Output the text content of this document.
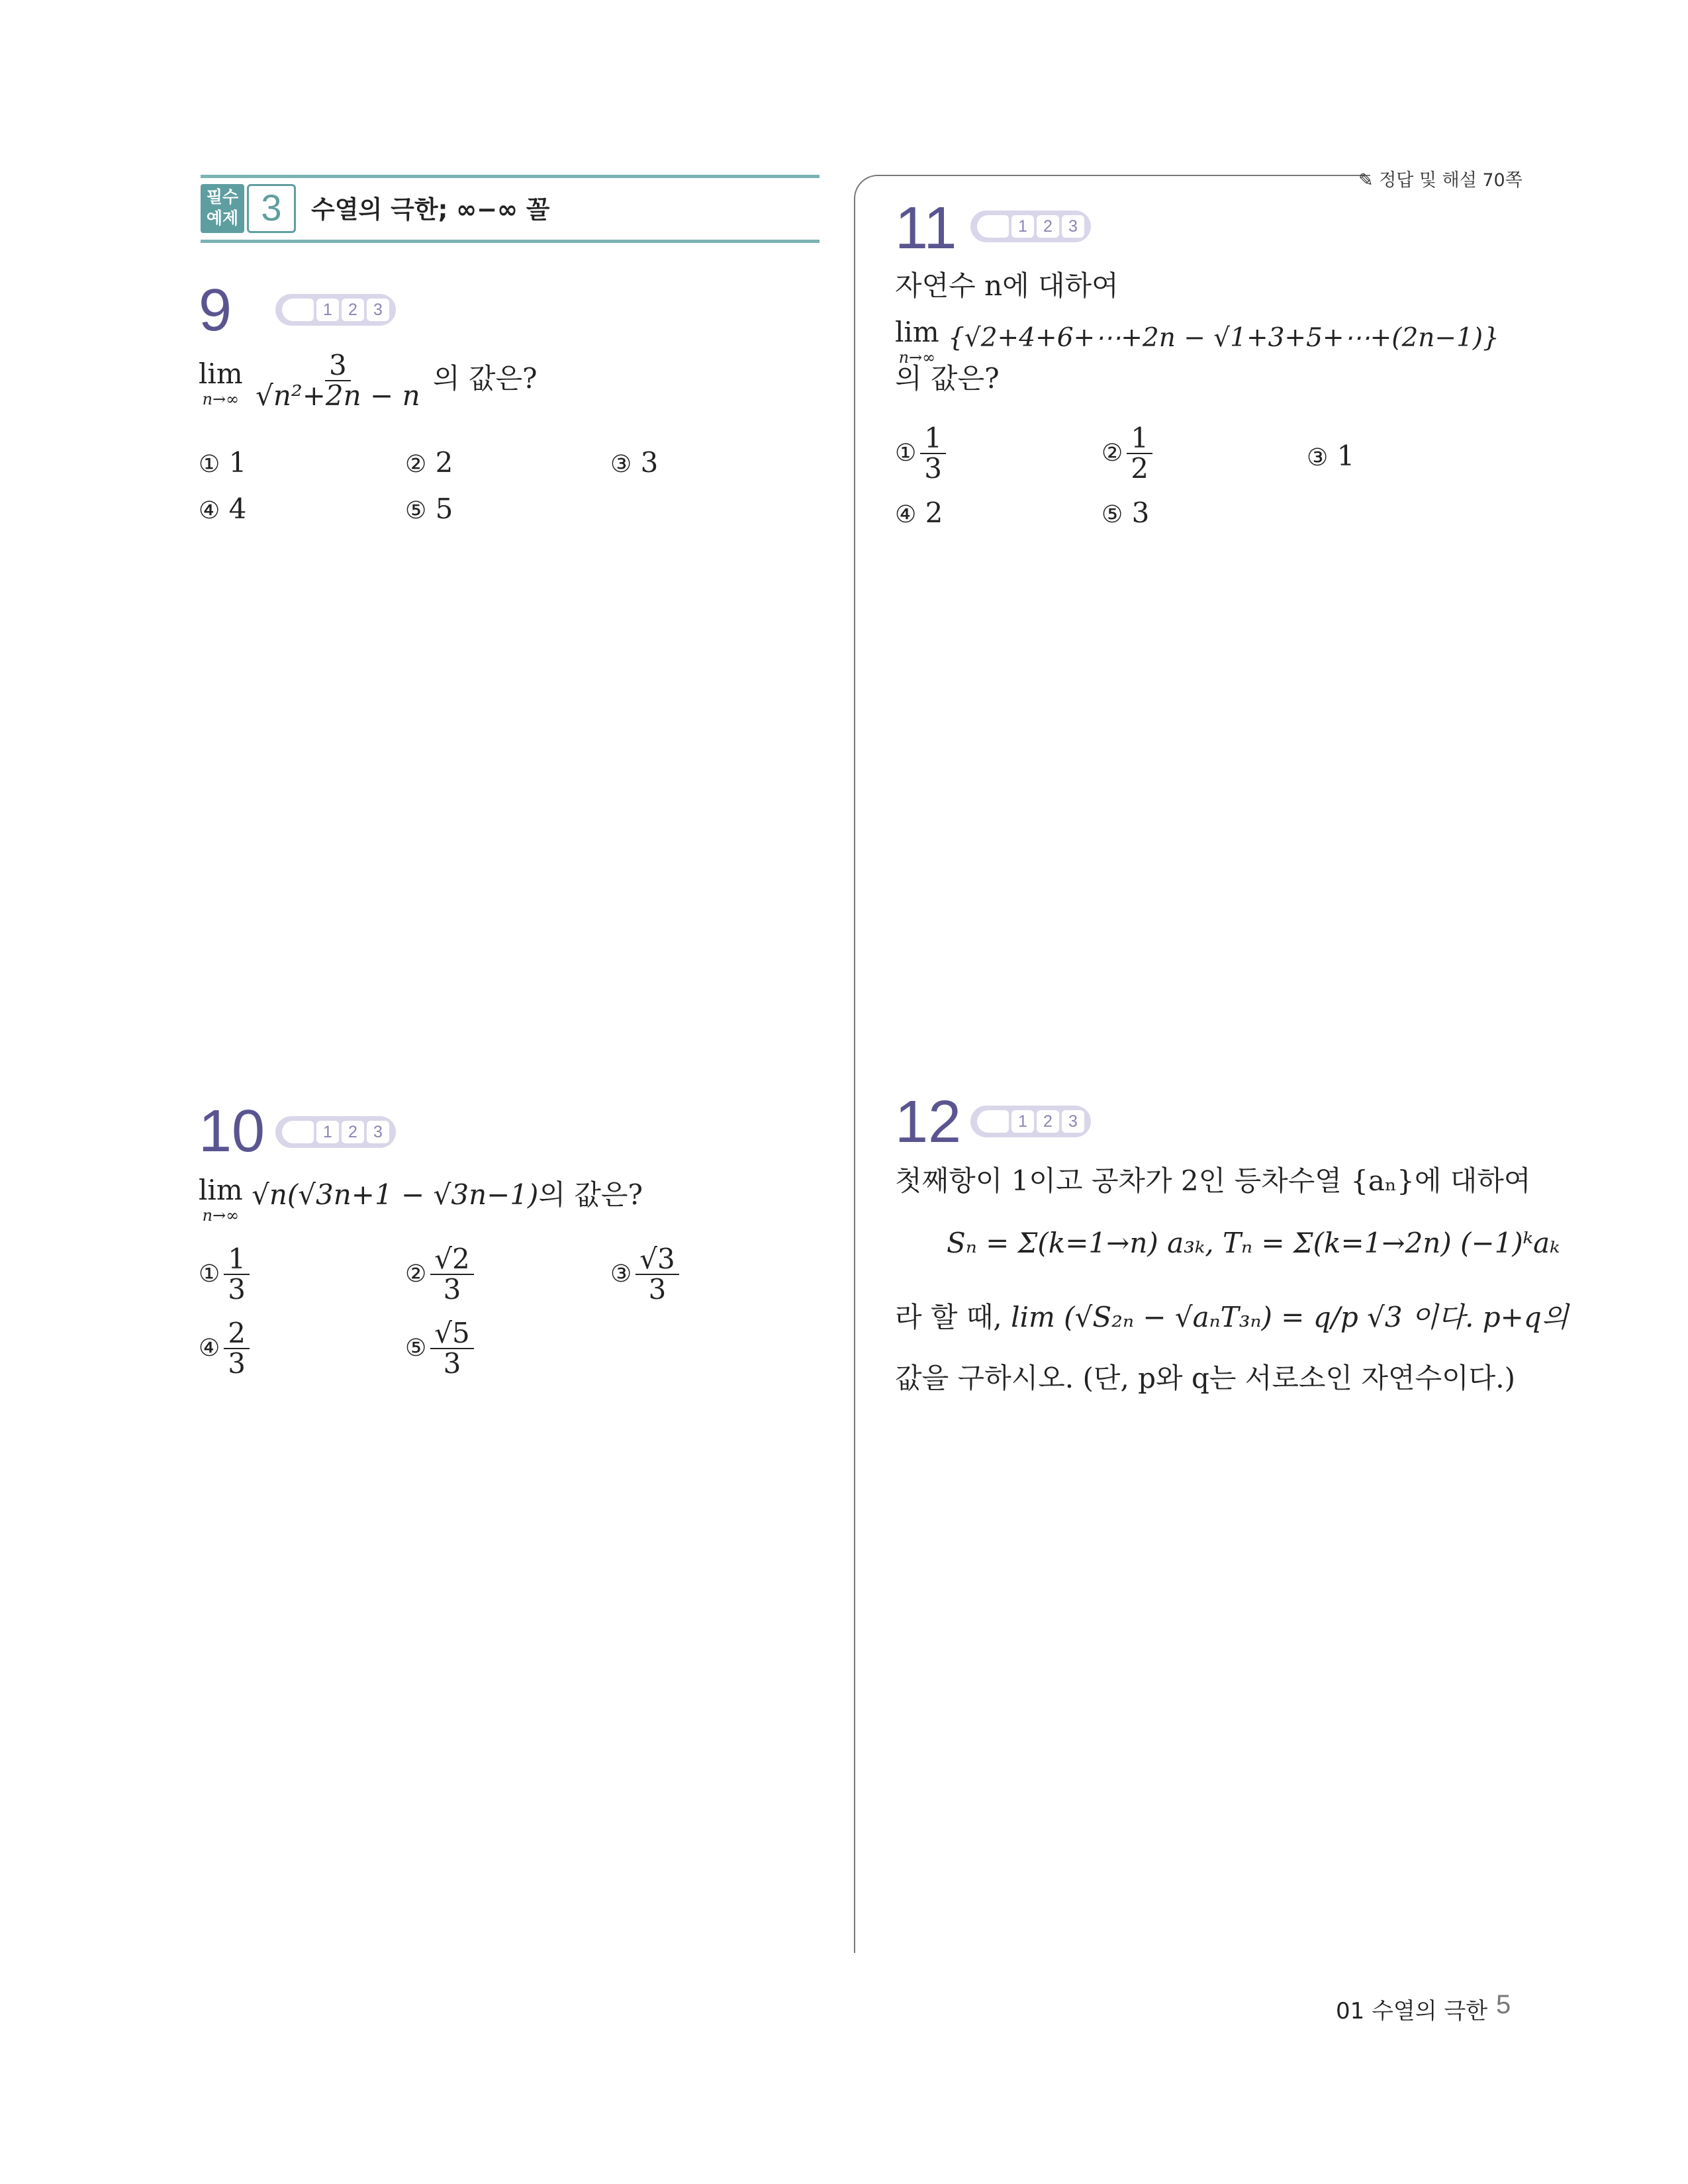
필수
예제 3	수열의 극한; ∞−∞ 꼴
✎ 정답 및 해설 70쪽
9	1 2 3
lim
n→∞
$\frac{3}{\text{√n²+2n − n}}$ 의 값은?
① 1	② 2	③ 3
④ 4	⑤ 5
10	1 2 3
lim
n→∞
√n(√3n+1 − √3n−1)의 값은?
① $\frac{1}{3}$	② $\frac{√2}{3}$	③ $\frac{√3}{3}$
④ $\frac{2}{3}$	⑤ $\frac{√5}{3}$
11	1 2 3
자연수 n에 대하여
lim
n→∞
{√2+4+6+⋯+2n − √1+3+5+⋯+(2n−1)}
의 값은?
① $\frac{1}{3}$	② $\frac{1}{2}$	③ 1
④ 2	⑤ 3
12	1 2 3
첫째항이 1이고 공차가 2인 등차수열 {aₙ}에 대하여
Sₙ = Σ(k=1→n) a₃ₖ, Tₙ = Σ(k=1→2n) (−1)ᵏaₖ
라 할 때, lim (√S₂ₙ − √aₙT₃ₙ) = q/p √3 이다. p+q의
값을 구하시오. (단, p와 q는 서로소인 자연수이다.)
01 수열의 극한 5
